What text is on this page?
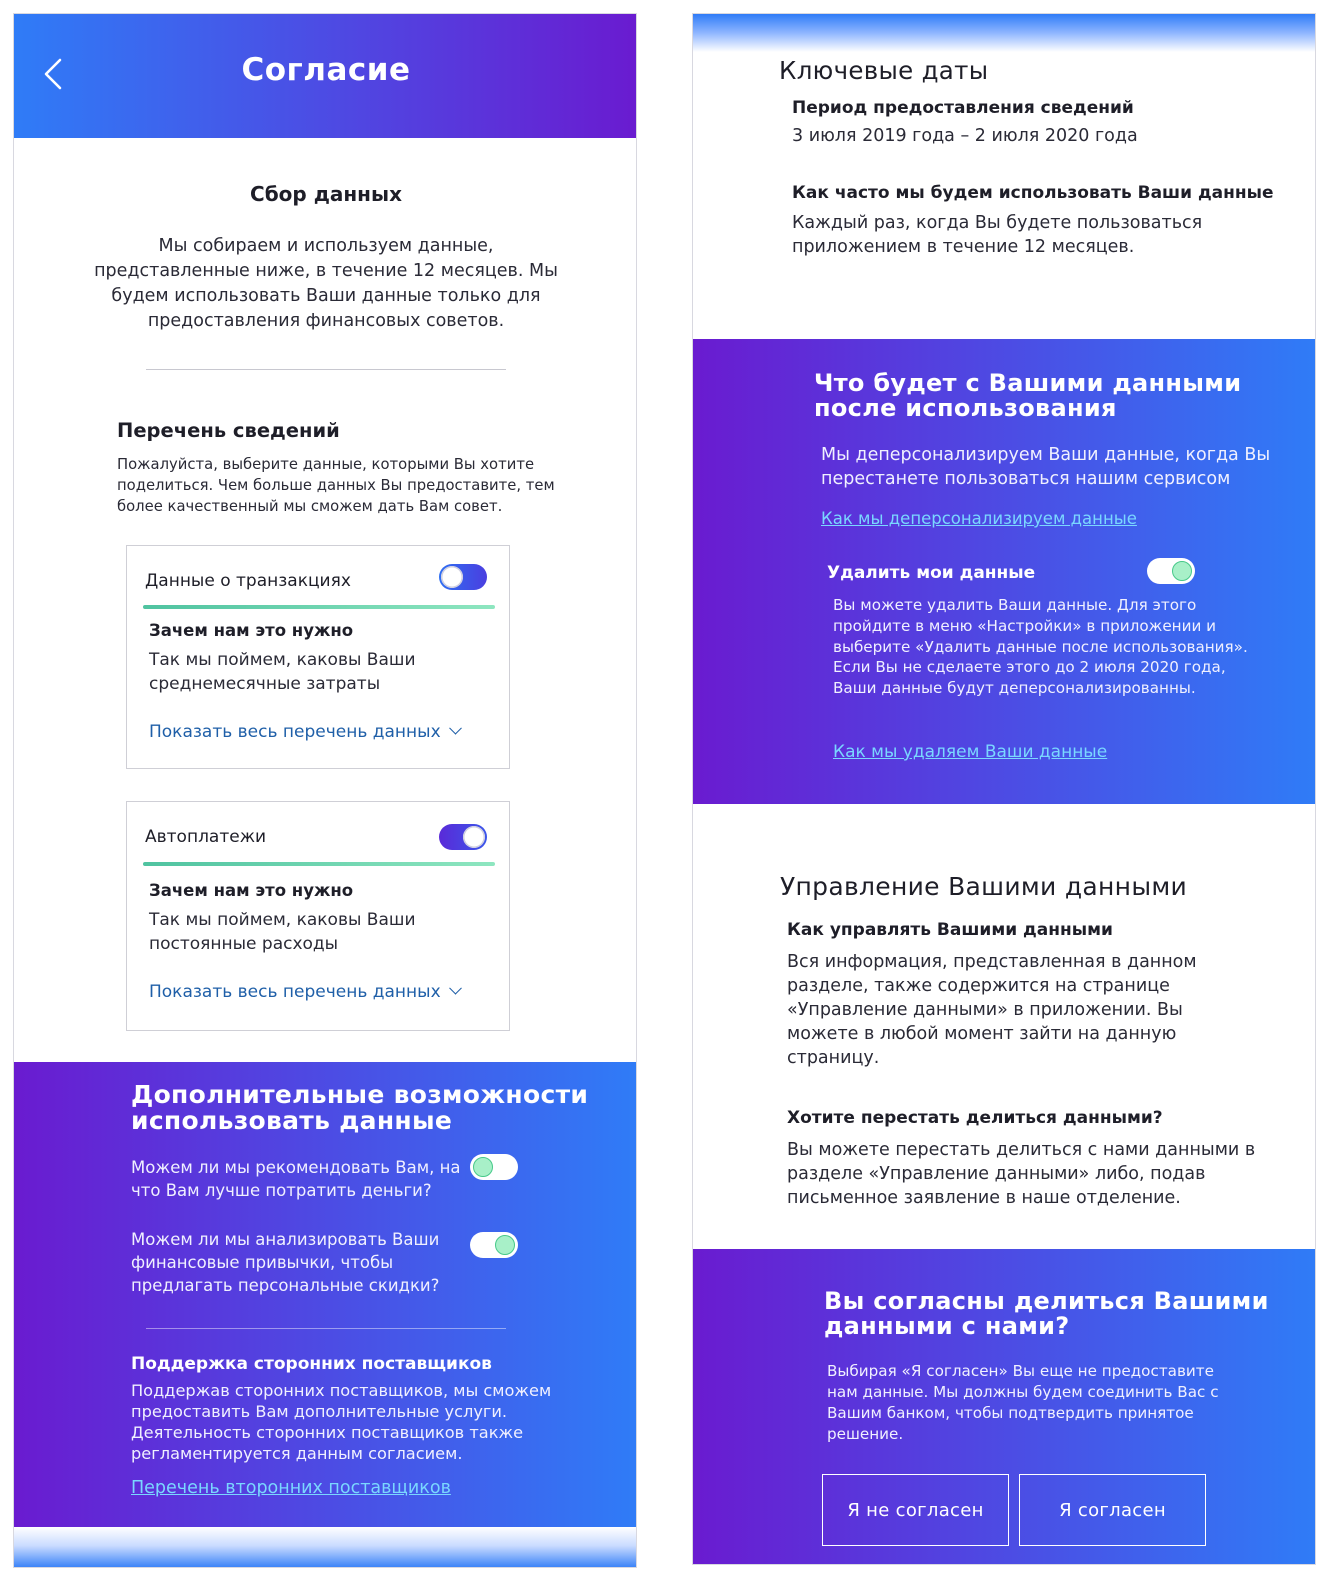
Согласие
Сбор данных
Мы собираем и используем данные, представленные ниже, в течение 12 месяцев. Мы будем использовать Ваши данные только для предоставления финансовых советов.
Перечень сведений
Пожалуйста, выберите данные, которыми Вы хотите поделиться. Чем больше данных Вы предоставите, тем более качественный мы сможем дать Вам совет.
Данные о транзакциях
Зачем нам это нужно
Так мы поймем, каковы Ваши среднемесячные затраты
Показать весь перечень данных
Автоплатежи
Зачем нам это нужно
Так мы поймем, каковы Ваши постоянные расходы
Показать весь перечень данных
Дополнительные возможности использовать данные
Можем ли мы рекомендовать Вам, на что Вам лучше потратить деньги?
Можем ли мы анализировать Ваши финансовые привычки, чтобы предлагать персональные скидки?
Поддержка сторонних поставщиков
Поддержав сторонних поставщиков, мы сможем предоставить Вам дополнительные услуги. Деятельность сторонних поставщиков также регламентируется данным согласием.
Перечень второнних поставщиков
Ключевые даты
Период предоставления сведений
3 июля 2019 года – 2 июля 2020 года
Как часто мы будем использовать Ваши данные
Каждый раз, когда Вы будете пользоваться приложением в течение 12 месяцев.
Что будет с Вашими данными после использования
Мы деперсонализируем Ваши данные, когда Вы перестанете пользоваться нашим сервисом
Как мы деперсонализируем данные
Удалить мои данные
Вы можете удалить Ваши данные. Для этого пройдите в меню «Настройки» в приложении и выберите «Удалить данные после использования». Если Вы не сделаете этого до 2 июля 2020 года, Ваши данные будут деперсонализированны.
Как мы удаляем Ваши данные
Управление Вашими данными
Как управлять Вашими данными
Вся информация, представленная в данном разделе, также содержится на странице «Управление данными» в приложении. Вы можете в любой момент зайти на данную страницу.
Хотите перестать делиться данными?
Вы можете перестать делиться с нами данными в разделе «Управление данными» либо, подав письменное заявление в наше отделение.
Вы согласны делиться Вашими данными с нами?
Выбирая «Я согласен» Вы еще не предоставите нам данные. Мы должны будем соединить Вас с Вашим банком, чтобы подтвердить принятое решение.
Я не согласен	Я согласен
